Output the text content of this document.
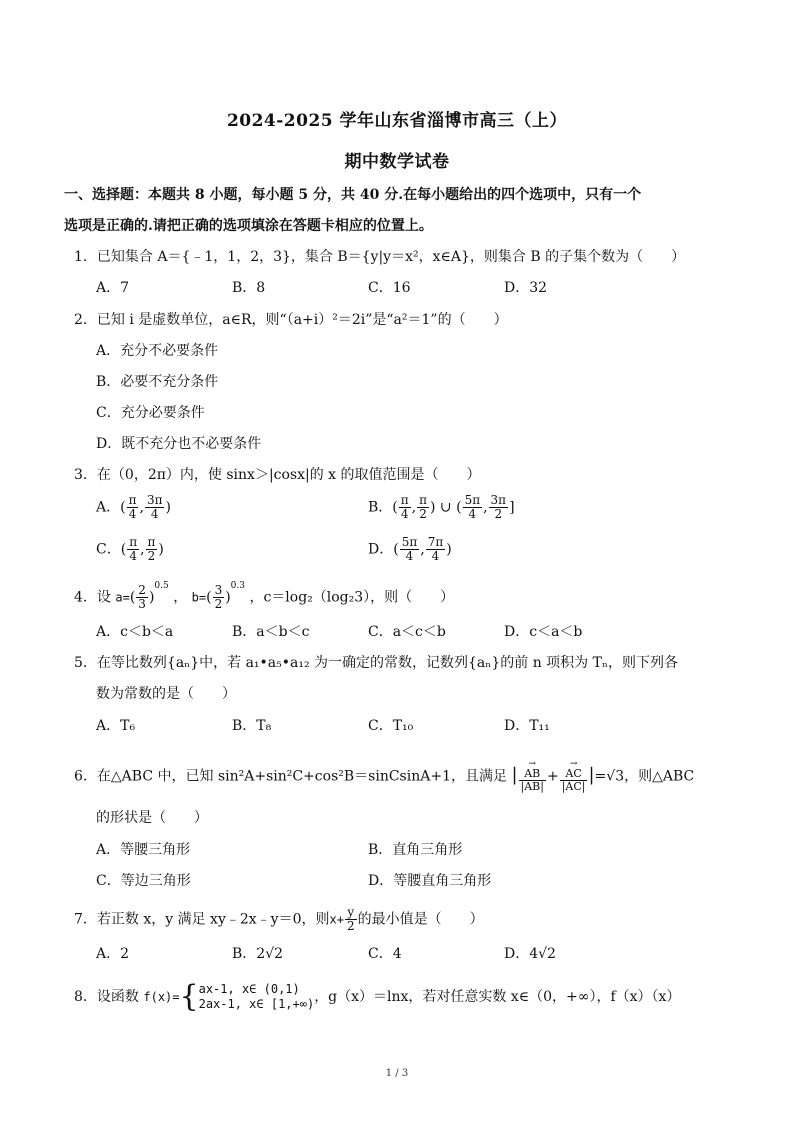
2024-2025 学年山东省淄博市高三（上）
期中数学试卷
一、选择题：本题共 8 小题，每小题 5 分，共 40 分.在每小题给出的四个选项中，只有一个
选项是正确的.请把正确的选项填涂在答题卡相应的位置上。
1．已知集合 A＝{﹣1，1，2，3}，集合 B＝{y|y＝x²，x∈A}，则集合 B 的子集个数为（　　）
A．7	B．8	C．16	D．32
2．已知 i 是虚数单位，a∈R，则“（a+i）²＝2i”是“a²＝1”的（　　）
A．充分不必要条件
B．必要不充分条件
C．充分必要条件
D．既不充分也不必要条件
3．在（0，2π）内，使 sinx＞|cosx|的 x 的取值范围是（　　）
A．( $\frac{\pi}{4}$ , $\frac{3\pi}{4}$ )	B．( $\frac{\pi}{4}$ , $\frac{\pi}{2}$ ) ∪ ( $\frac{5\pi}{4}$ , $\frac{3\pi}{2}$ ]
C．( $\frac{\pi}{4}$ , $\frac{\pi}{2}$ )	D．( $\frac{5\pi}{4}$ , $\frac{7\pi}{4}$ )
4．设 $a=( \frac{2}{3} )^{0.5}$ ， $b=( \frac{3}{2} )^{0.3}$ ，c＝log₂（log₂3），则（　　）
A．c＜b＜a	B．a＜b＜c	C．a＜c＜b	D．c＜a＜b
5．在等比数列{aₙ}中，若 a₁•a₅•a₁₂ 为一确定的常数，记数列{aₙ}的前 n 项积为 Tₙ，则下列各
数为常数的是（　　）
A．T₆	B．T₈	C．T₁₀	D．T₁₁
6．在△ABC 中，已知 sin²A+sin²C+cos²B＝sinCsinA+1，且满足 | →
AB
|AB| + →
AC
|AC| |=√3，则△ABC
的形状是（　　）
A．等腰三角形	B．直角三角形
C．等边三角形	D．等腰直角三角形
7．若正数 x，y 满足 xy﹣2x﹣y＝0，则$x+ \frac{y}{2}$ 的最小值是（　　）
A．2	B．2√2	C．4	D．4√2
8．设函数 f(x)={ax-1, x∈ (0,1)
2ax-1, x∈ [1,+∞)，g（x）＝lnx，若对任意实数 x∈（0，+∞），f（x）（x）
1 / 3
